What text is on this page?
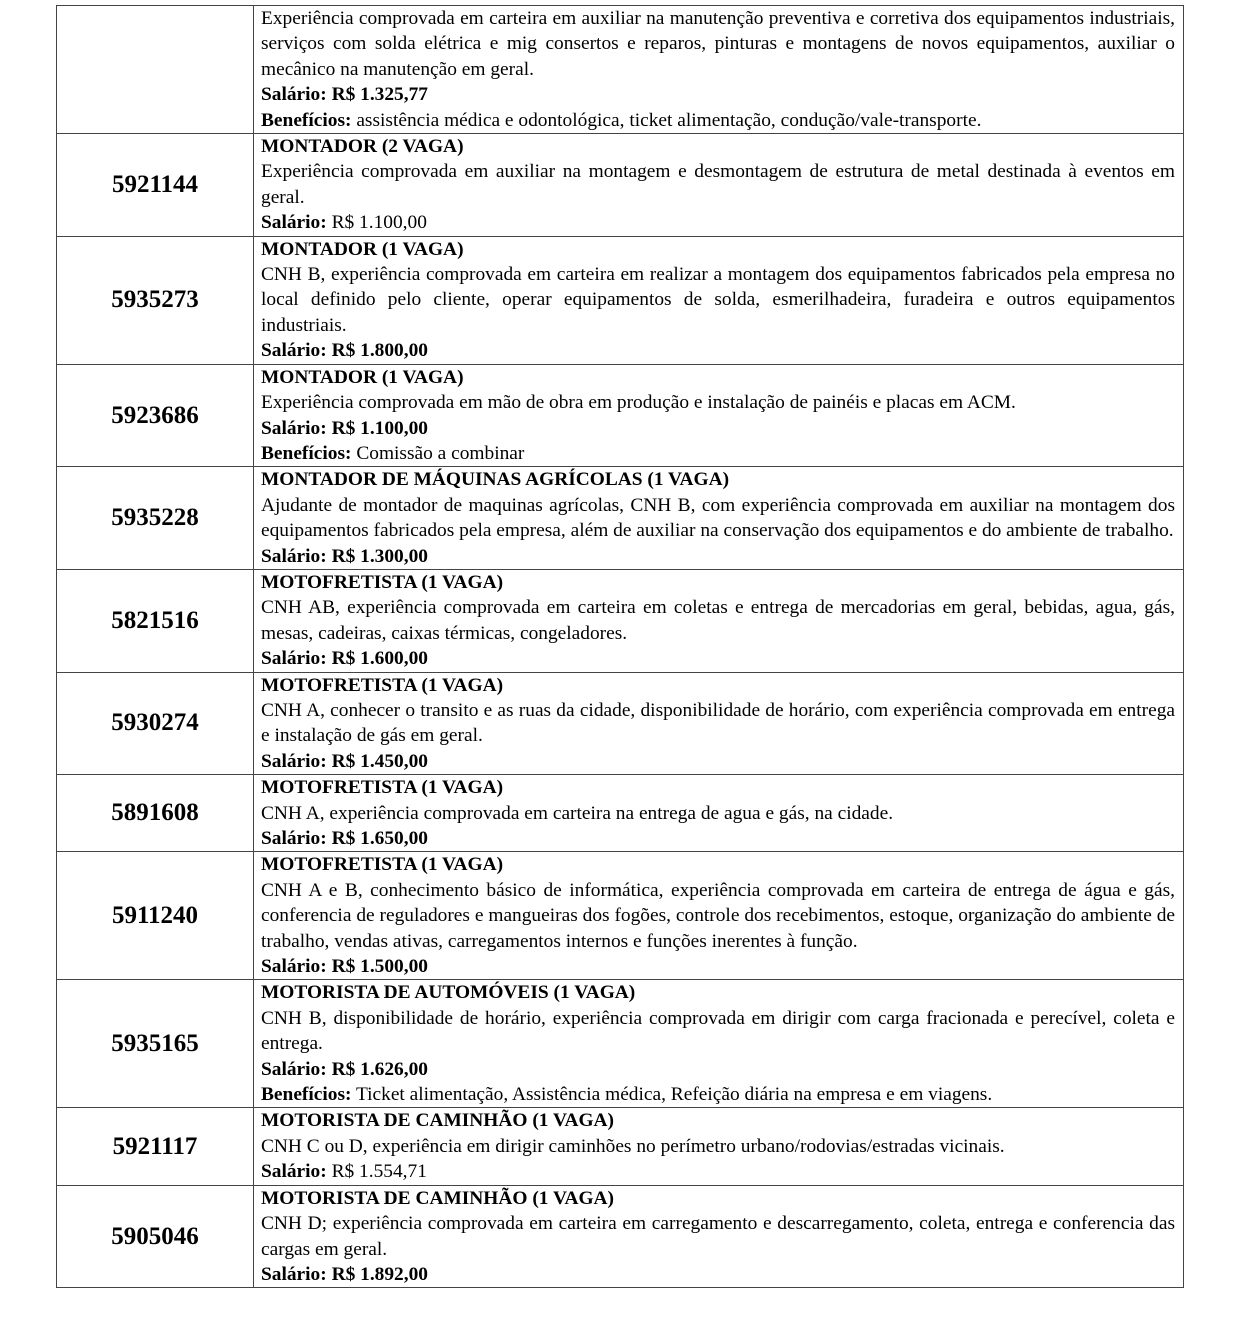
	Experiência comprovada em carteira em auxiliar na manutenção preventiva e corretiva dos equipamentos industriais, serviços com solda elétrica e mig consertos e reparos, pinturas e montagens de novos equipamentos, auxiliar o mecânico na manutenção em geral.
Salário: R$ 1.325,77
Benefícios: assistência médica e odontológica, ticket alimentação, condução/vale-transporte.

5921144	MONTADOR (2 VAGA)
Experiência comprovada em auxiliar na montagem e desmontagem de estrutura de metal destinada à eventos em geral.
Salário: R$ 1.100,00

5935273	MONTADOR (1 VAGA)
CNH B, experiência comprovada em carteira em realizar a montagem dos equipamentos fabricados pela empresa no local definido pelo cliente, operar equipamentos de solda, esmerilhadeira, furadeira e outros equipamentos industriais.
Salário: R$ 1.800,00

5923686	MONTADOR (1 VAGA)
Experiência comprovada em mão de obra em produção e instalação de painéis e placas em ACM.
Salário: R$ 1.100,00
Benefícios: Comissão a combinar

5935228	MONTADOR DE MÁQUINAS AGRÍCOLAS (1 VAGA)
Ajudante de montador de maquinas agrícolas, CNH B, com experiência comprovada em auxiliar na montagem dos equipamentos fabricados pela empresa, além de auxiliar na conservação dos equipamentos e do ambiente de trabalho.
Salário: R$ 1.300,00

5821516	MOTOFRETISTA (1 VAGA)
CNH AB, experiência comprovada em carteira em coletas e entrega de mercadorias em geral, bebidas, agua, gás, mesas, cadeiras, caixas térmicas, congeladores.
Salário: R$ 1.600,00

5930274	MOTOFRETISTA (1 VAGA)
CNH A, conhecer o transito e as ruas da cidade, disponibilidade de horário, com experiência comprovada em entrega e instalação de gás em geral.
Salário: R$ 1.450,00

5891608	MOTOFRETISTA (1 VAGA)
CNH A, experiência comprovada em carteira na entrega de agua e gás, na cidade.
Salário: R$ 1.650,00

5911240	MOTOFRETISTA (1 VAGA)
CNH A e B, conhecimento básico de informática, experiência comprovada em carteira de entrega de água e gás, conferencia de reguladores e mangueiras dos fogões, controle dos recebimentos, estoque, organização do ambiente de trabalho, vendas ativas, carregamentos internos e funções inerentes à função.
Salário: R$ 1.500,00

5935165	MOTORISTA DE AUTOMÓVEIS (1 VAGA)
CNH B, disponibilidade de horário, experiência comprovada em dirigir com carga fracionada e perecível, coleta e entrega.
Salário: R$ 1.626,00
Benefícios: Ticket alimentação, Assistência médica, Refeição diária na empresa e em viagens.

5921117	MOTORISTA DE CAMINHÃO (1 VAGA)
CNH C ou D, experiência em dirigir caminhões no perímetro urbano/rodovias/estradas vicinais.
Salário: R$ 1.554,71

5905046	MOTORISTA DE CAMINHÃO (1 VAGA)
CNH D; experiência comprovada em carteira em carregamento e descarregamento, coleta, entrega e conferencia das cargas em geral.
Salário: R$ 1.892,00
